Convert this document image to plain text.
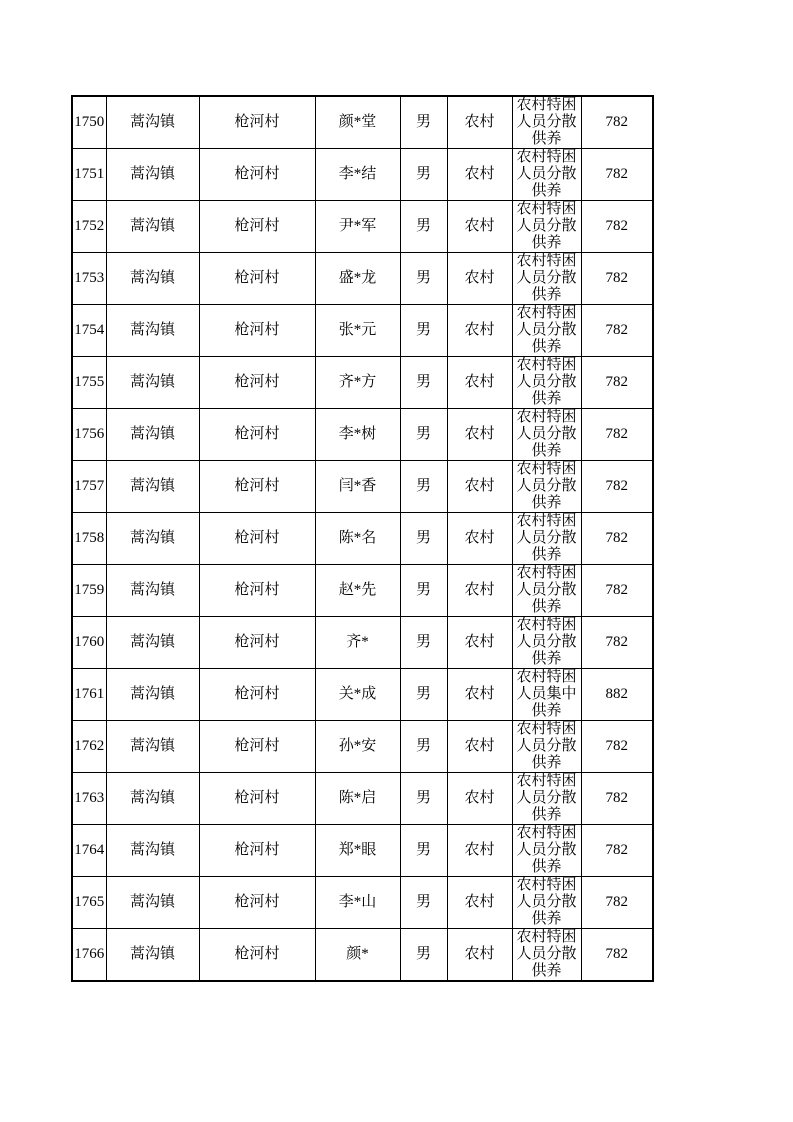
1750	蒿沟镇	枪河村	颜*堂	男	农村	农村特困人员分散供养	782
1751	蒿沟镇	枪河村	李*结	男	农村	农村特困人员分散供养	782
1752	蒿沟镇	枪河村	尹*军	男	农村	农村特困人员分散供养	782
1753	蒿沟镇	枪河村	盛*龙	男	农村	农村特困人员分散供养	782
1754	蒿沟镇	枪河村	张*元	男	农村	农村特困人员分散供养	782
1755	蒿沟镇	枪河村	齐*方	男	农村	农村特困人员分散供养	782
1756	蒿沟镇	枪河村	李*树	男	农村	农村特困人员分散供养	782
1757	蒿沟镇	枪河村	闫*香	男	农村	农村特困人员分散供养	782
1758	蒿沟镇	枪河村	陈*名	男	农村	农村特困人员分散供养	782
1759	蒿沟镇	枪河村	赵*先	男	农村	农村特困人员分散供养	782
1760	蒿沟镇	枪河村	齐*	男	农村	农村特困人员分散供养	782
1761	蒿沟镇	枪河村	关*成	男	农村	农村特困人员集中供养	882
1762	蒿沟镇	枪河村	孙*安	男	农村	农村特困人员分散供养	782
1763	蒿沟镇	枪河村	陈*启	男	农村	农村特困人员分散供养	782
1764	蒿沟镇	枪河村	郑*眼	男	农村	农村特困人员分散供养	782
1765	蒿沟镇	枪河村	李*山	男	农村	农村特困人员分散供养	782
1766	蒿沟镇	枪河村	颜*	男	农村	农村特困人员分散供养	782
